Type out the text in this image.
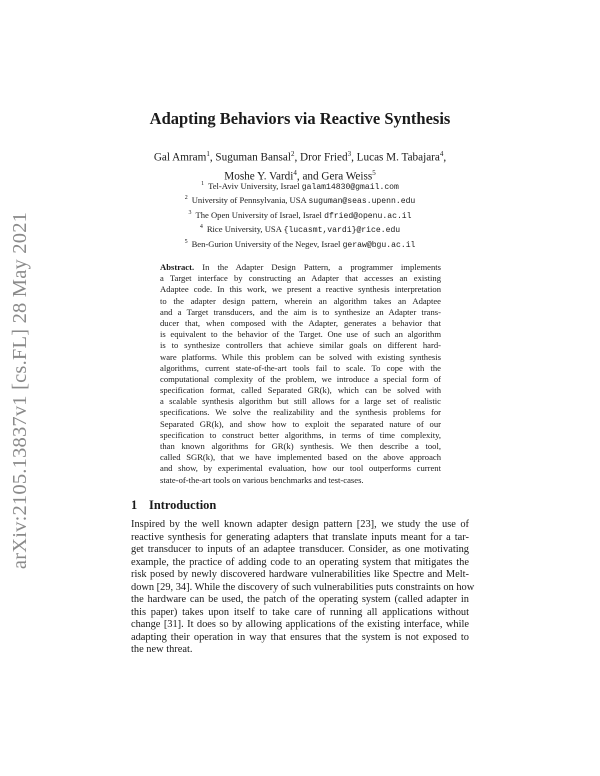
arXiv:2105.13837v1 [cs.FL] 28 May 2021
Adapting Behaviors via Reactive Synthesis
Gal Amram$^1$, Suguman Bansal$^2$, Dror Fried$^3$, Lucas M. Tabajara$^4$, Moshe Y. Vardi$^4$, and Gera Weiss$^5$
$^1$ Tel-Aviv University, Israel galam14830@gmail.com
$^2$ University of Pennsylvania, USA suguman@seas.upenn.edu
$^3$ The Open University of Israel, Israel dfried@openu.ac.il
$^4$ Rice University, USA {lucasmt,vardi}@rice.edu
$^5$ Ben-Gurion University of the Negev, Israel geraw@bgu.ac.il
Abstract. In the Adapter Design Pattern, a programmer implements
a Target interface by constructing an Adapter that accesses an existing
Adaptee code. In this work, we present a reactive synthesis interpretation
to the adapter design pattern, wherein an algorithm takes an Adaptee
and a Target transducers, and the aim is to synthesize an Adapter trans-
ducer that, when composed with the Adapter, generates a behavior that
is equivalent to the behavior of the Target. One use of such an algorithm
is to synthesize controllers that achieve similar goals on different hard-
ware platforms. While this problem can be solved with existing synthesis
algorithms, current state-of-the-art tools fail to scale. To cope with the
computational complexity of the problem, we introduce a special form of
specification format, called Separated GR(k), which can be solved with
a scalable synthesis algorithm but still allows for a large set of realistic
specifications. We solve the realizability and the synthesis problems for
Separated GR(k), and show how to exploit the separated nature of our
specification to construct better algorithms, in terms of time complexity,
than known algorithms for GR(k) synthesis. We then describe a tool,
called SGR(k), that we have implemented based on the above approach
and show, by experimental evaluation, how our tool outperforms current
state-of-the-art tools on various benchmarks and test-cases.
1 Introduction
Inspired by the well known adapter design pattern [23], we study the use of
reactive synthesis for generating adapters that translate inputs meant for a tar-
get transducer to inputs of an adaptee transducer. Consider, as one motivating
example, the practice of adding code to an operating system that mitigates the
risk posed by newly discovered hardware vulnerabilities like Spectre and Melt-
down [29, 34]. While the discovery of such vulnerabilities puts constraints on how
the hardware can be used, the patch of the operating system (called adapter in
this paper) takes upon itself to take care of running all applications without
change [31]. It does so by allowing applications of the existing interface, while
adapting their operation in way that ensures that the system is not exposed to
the new threat.
